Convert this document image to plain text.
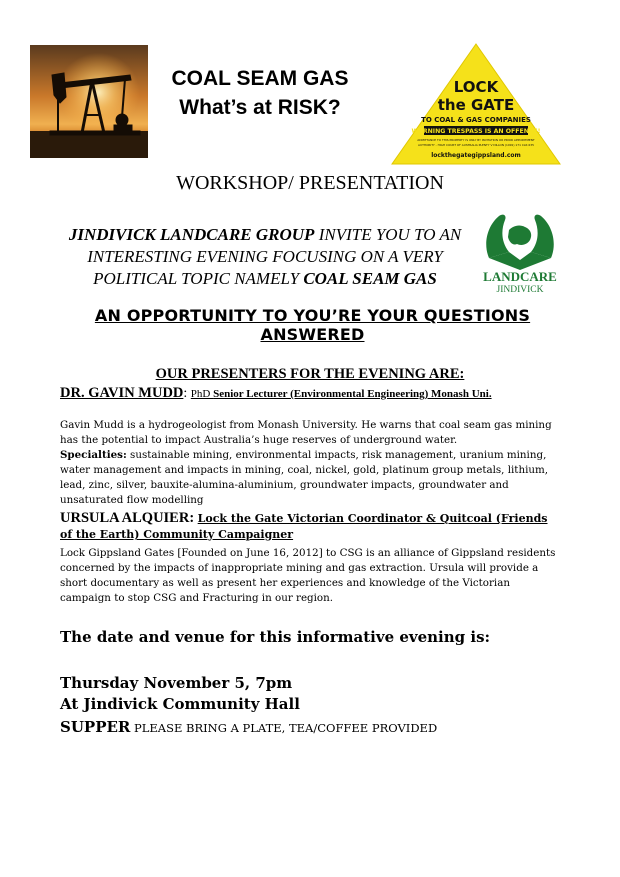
COAL SEAM GAS
What’s at RISK?
LOCK
the GATE
TO COAL & GAS COMPANIES
WARNING TRESPASS IS AN OFFENCE!
ADMITTANCE TO THIS PROPERTY IS ONLY BY INVITATION OR PRIOR APPOINTMENT
AUTHORITY - HIGH COURT OF AUSTRALIA PLENTY V DILLON (1991) 171 CLR 635
lockthegategippsland.com
WORKSHOP/ PRESENTATION
JINDIVICK LANDCARE GROUP INVITE YOU TO AN INTERESTING EVENING FOCUSING ON A VERY POLITICAL TOPIC NAMELY COAL SEAM GAS	LANDCARE
JINDIVICK
AN OPPORTUNITY TO YOU’RE YOUR QUESTIONS ANSWERED
OUR PRESENTERS FOR THE EVENING ARE:
DR. GAVIN MUDD: PhD Senior Lecturer (Environmental Engineering) Monash Uni.
Gavin Mudd is a hydrogeologist from Monash University. He warns that coal seam gas mining has the potential to impact Australia’s huge reserves of underground water.
Specialties: sustainable mining, environmental impacts, risk management, uranium mining, water management and impacts in mining, coal, nickel, gold, platinum group metals, lithium, lead, zinc, silver, bauxite-alumina-aluminium, groundwater impacts, groundwater and unsaturated flow modelling
URSULA ALQUIER: Lock the Gate Victorian Coordinator & Quitcoal (Friends of the Earth) Community Campaigner
Lock Gippsland Gates [Founded on June 16, 2012] to CSG is an alliance of Gippsland residents concerned by the impacts of inappropriate mining and gas extraction. Ursula will provide a short documentary as well as present her experiences and knowledge of the Victorian campaign to stop CSG and Fracturing in our region.
The date and venue for this informative evening is:
Thursday November 5, 7pm
At Jindivick Community Hall
SUPPER PLEASE BRING A PLATE, TEA/COFFEE PROVIDED
